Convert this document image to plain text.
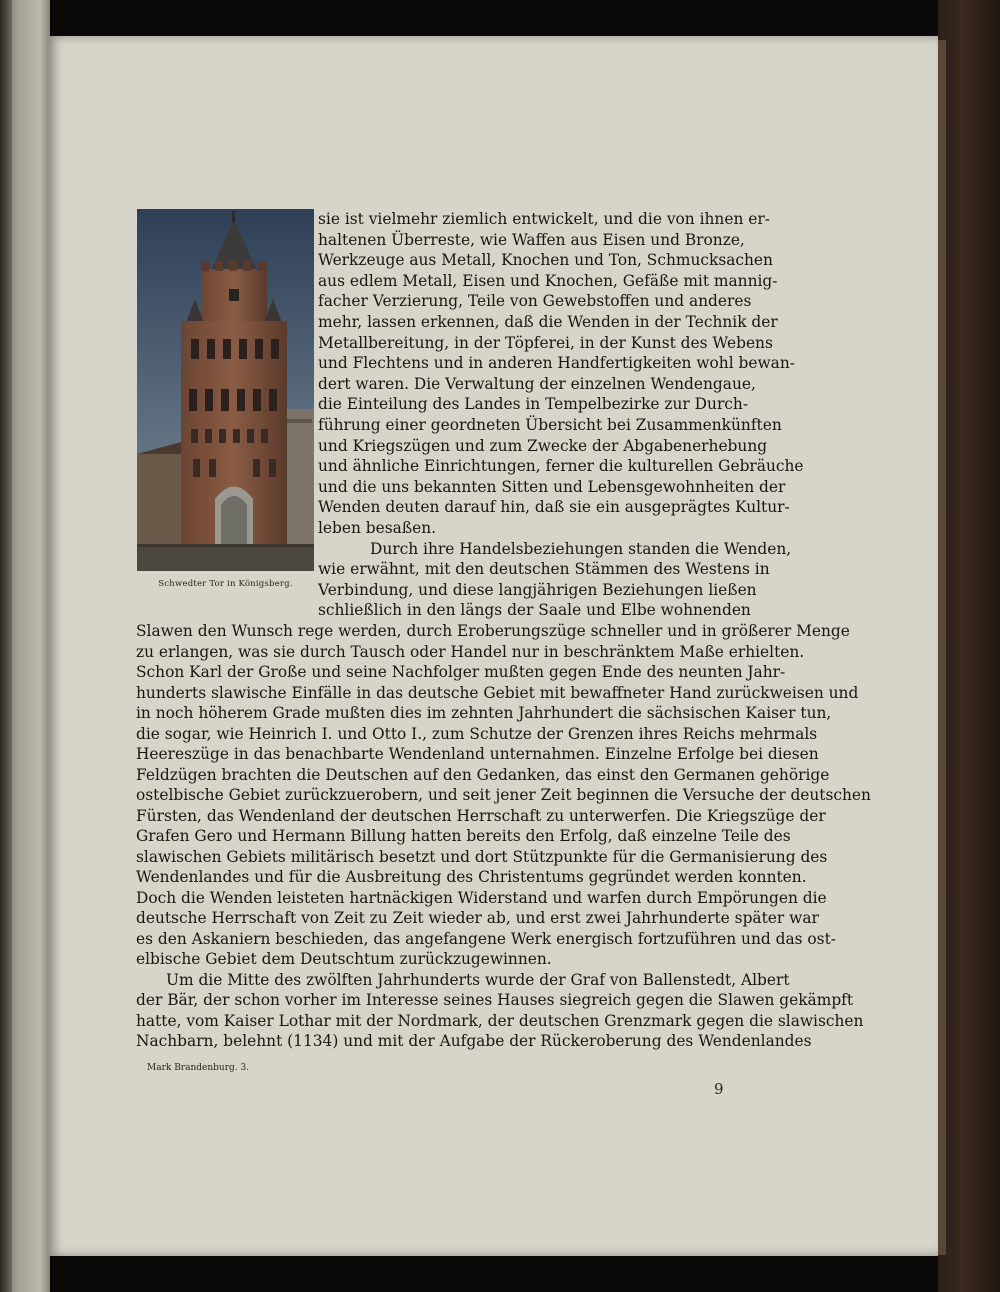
Schwedter Tor in Königsberg.
sie ist vielmehr ziemlich entwickelt, und die von ihnen er-
haltenen Überreste, wie Waffen aus Eisen und Bronze,
Werkzeuge aus Metall, Knochen und Ton, Schmucksachen
aus edlem Metall, Eisen und Knochen, Gefäße mit mannig-
facher Verzierung, Teile von Gewebstoffen und anderes
mehr, lassen erkennen, daß die Wenden in der Technik der
Metallbereitung, in der Töpferei, in der Kunst des Webens
und Flechtens und in anderen Handfertigkeiten wohl bewan-
dert waren. Die Verwaltung der einzelnen Wendengaue,
die Einteilung des Landes in Tempelbezirke zur Durch-
führung einer geordneten Übersicht bei Zusammenkünften
und Kriegszügen und zum Zwecke der Abgabenerhebung
und ähnliche Einrichtungen, ferner die kulturellen Gebräuche
und die uns bekannten Sitten und Lebensgewohnheiten der
Wenden deuten darauf hin, daß sie ein ausgeprägtes Kultur-
leben besaßen.
Durch ihre Handelsbeziehungen standen die Wenden,
wie erwähnt, mit den deutschen Stämmen des Westens in
Verbindung, und diese langjährigen Beziehungen ließen
schließlich in den längs der Saale und Elbe wohnenden
Slawen den Wunsch rege werden, durch Eroberungszüge schneller und in größerer Menge
zu erlangen, was sie durch Tausch oder Handel nur in beschränktem Maße erhielten.
Schon Karl der Große und seine Nachfolger mußten gegen Ende des neunten Jahr-
hunderts slawische Einfälle in das deutsche Gebiet mit bewaffneter Hand zurückweisen und
in noch höherem Grade mußten dies im zehnten Jahrhundert die sächsischen Kaiser tun,
die sogar, wie Heinrich I. und Otto I., zum Schutze der Grenzen ihres Reichs mehrmals
Heereszüge in das benachbarte Wendenland unternahmen. Einzelne Erfolge bei diesen
Feldzügen brachten die Deutschen auf den Gedanken, das einst den Germanen gehörige
ostelbische Gebiet zurückzuerobern, und seit jener Zeit beginnen die Versuche der deutschen
Fürsten, das Wendenland der deutschen Herrschaft zu unterwerfen. Die Kriegszüge der
Grafen Gero und Hermann Billung hatten bereits den Erfolg, daß einzelne Teile des
slawischen Gebiets militärisch besetzt und dort Stützpunkte für die Germanisierung des
Wendenlandes und für die Ausbreitung des Christentums gegründet werden konnten.
Doch die Wenden leisteten hartnäckigen Widerstand und warfen durch Empörungen die
deutsche Herrschaft von Zeit zu Zeit wieder ab, und erst zwei Jahrhunderte später war
es den Askaniern beschieden, das angefangene Werk energisch fortzuführen und das ost-
elbische Gebiet dem Deutschtum zurückzugewinnen.
Um die Mitte des zwölften Jahrhunderts wurde der Graf von Ballenstedt, Albert
der Bär, der schon vorher im Interesse seines Hauses siegreich gegen die Slawen gekämpft
hatte, vom Kaiser Lothar mit der Nordmark, der deutschen Grenzmark gegen die slawischen
Nachbarn, belehnt (1134) und mit der Aufgabe der Rückeroberung des Wendenlandes
Mark Brandenburg. 3.
9
